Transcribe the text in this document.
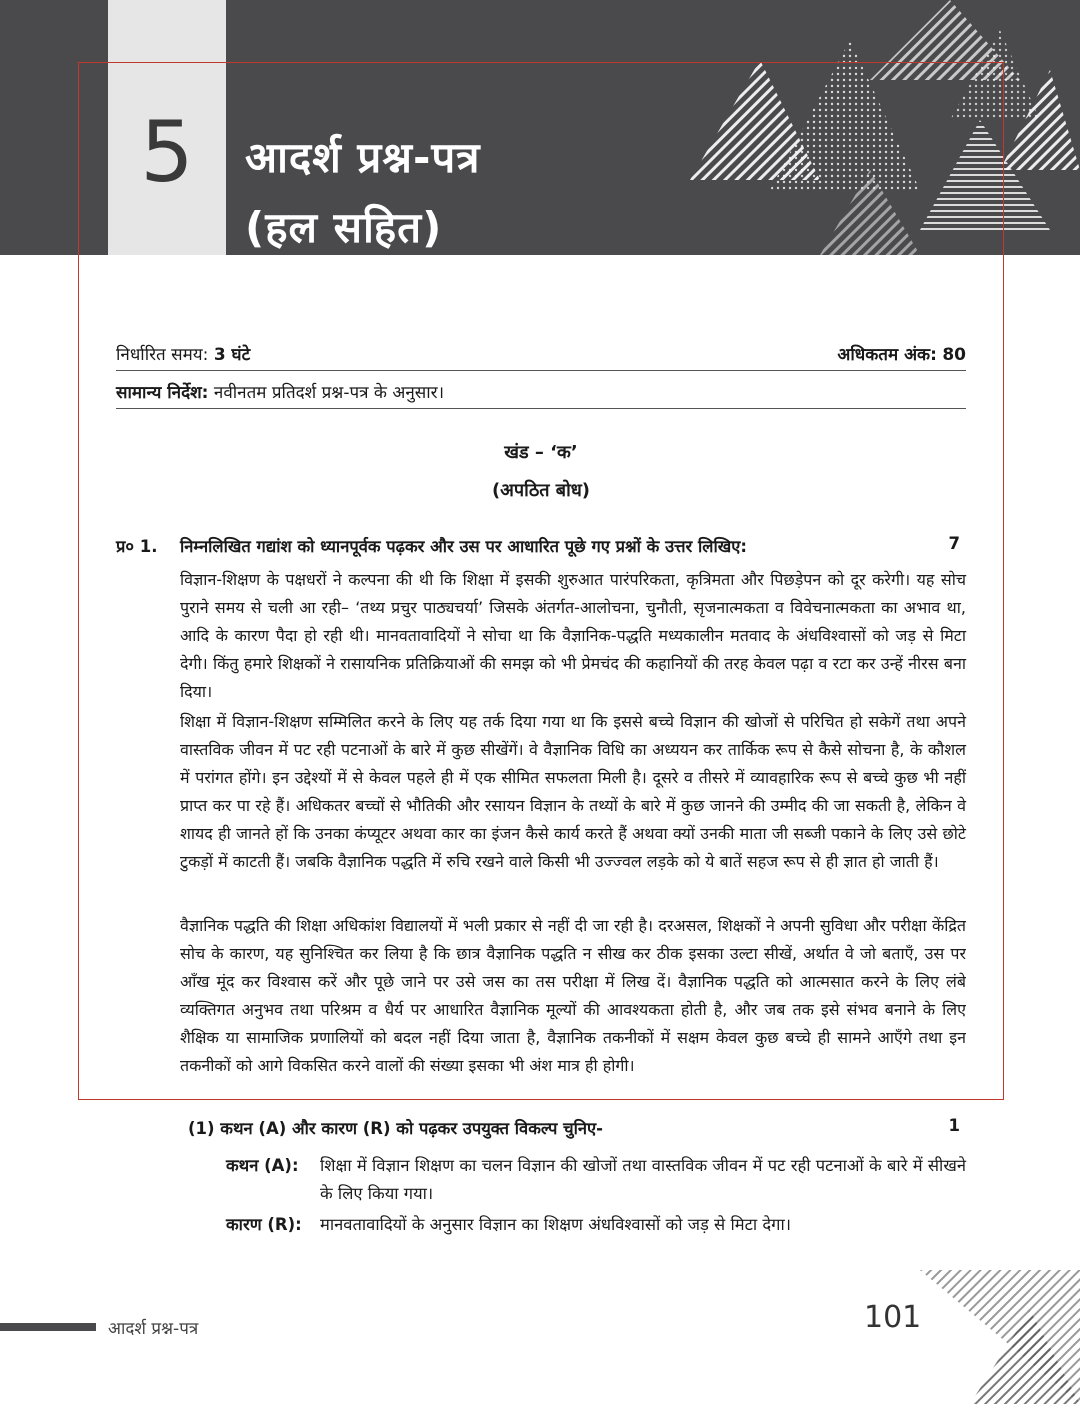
5	आदर्श प्रश्न-पत्र
(हल सहित)
निर्धारित समय: 3 घंटे	अधिकतम अंक: 80
सामान्य निर्देश: नवीनतम प्रतिदर्श प्रश्न-पत्र के अनुसार।
खंड – ‘क’
(अपठित बोध)
प्र० 1. निम्नलिखित गद्यांश को ध्यानपूर्वक पढ़कर और उस पर आधारित पूछे गए प्रश्नों के उत्तर लिखिए:	7

विज्ञान-शिक्षण के पक्षधरों ने कल्पना की थी कि शिक्षा में इसकी शुरुआत पारंपरिकता, कृत्रिमता और पिछड़ेपन को दूर करेगी। यह सोच पुराने समय से चली आ रही– ‘तथ्य प्रचुर पाठ्यचर्या’ जिसके अंतर्गत-आलोचना, चुनौती, सृजनात्मकता व विवेचनात्मकता का अभाव था, आदि के कारण पैदा हो रही थी। मानवतावादियों ने सोचा था कि वैज्ञानिक-पद्धति मध्यकालीन मतवाद के अंधविश्वासों को जड़ से मिटा देगी। किंतु हमारे शिक्षकों ने रासायनिक प्रतिक्रियाओं की समझ को भी प्रेमचंद की कहानियों की तरह केवल पढ़ा व रटा कर उन्हें नीरस बना दिया।

शिक्षा में विज्ञान-शिक्षण सम्मिलित करने के लिए यह तर्क दिया गया था कि इससे बच्चे विज्ञान की खोजों से परिचित हो सकेगें तथा अपने वास्तविक जीवन में पट रही पटनाओं के बारे में कुछ सीखेंगें। वे वैज्ञानिक विधि का अध्ययन कर तार्किक रूप से कैसे सोचना है, के कौशल में परांगत होंगे। इन उद्देश्यों में से केवल पहले ही में एक सीमित सफलता मिली है। दूसरे व तीसरे में व्यावहारिक रूप से बच्चे कुछ भी नहीं प्राप्त कर पा रहे हैं। अधिकतर बच्चों से भौतिकी और रसायन विज्ञान के तथ्यों के बारे में कुछ जानने की उम्मीद की जा सकती है, लेकिन वे शायद ही जानते हों कि उनका कंप्यूटर अथवा कार का इंजन कैसे कार्य करते हैं अथवा क्यों उनकी माता जी सब्जी पकाने के लिए उसे छोटे टुकड़ों में काटती हैं। जबकि वैज्ञानिक पद्धति में रुचि रखने वाले किसी भी उज्ज्वल लड़के को ये बातें सहज रूप से ही ज्ञात हो जाती हैं।

वैज्ञानिक पद्धति की शिक्षा अधिकांश विद्यालयों में भली प्रकार से नहीं दी जा रही है। दरअसल, शिक्षकों ने अपनी सुविधा और परीक्षा केंद्रित सोच के कारण, यह सुनिश्चित कर लिया है कि छात्र वैज्ञानिक पद्धति न सीख कर ठीक इसका उल्टा सीखें, अर्थात वे जो बताएँ, उस पर आँख मूंद कर विश्वास करें और पूछे जाने पर उसे जस का तस परीक्षा में लिख दें। वैज्ञानिक पद्धति को आत्मसात करने के लिए लंबे व्यक्तिगत अनुभव तथा परिश्रम व धैर्य पर आधारित वैज्ञानिक मूल्यों की आवश्यकता होती है, और जब तक इसे संभव बनाने के लिए शैक्षिक या सामाजिक प्रणालियों को बदल नहीं दिया जाता है, वैज्ञानिक तकनीकों में सक्षम केवल कुछ बच्चे ही सामने आएँगे तथा इन तकनीकों को आगे विकसित करने वालों की संख्या इसका भी अंश मात्र ही होगी।

(1) कथन (A) और कारण (R) को पढ़कर उपयुक्त विकल्प चुनिए-	1
कथन (A): शिक्षा में विज्ञान शिक्षण का चलन विज्ञान की खोजों तथा वास्तविक जीवन में पट रही पटनाओं के बारे में सीखने के लिए किया गया।
कारण (R): मानवतावादियों के अनुसार विज्ञान का शिक्षण अंधविश्वासों को जड़ से मिटा देगा।
आदर्श प्रश्न-पत्र	101
